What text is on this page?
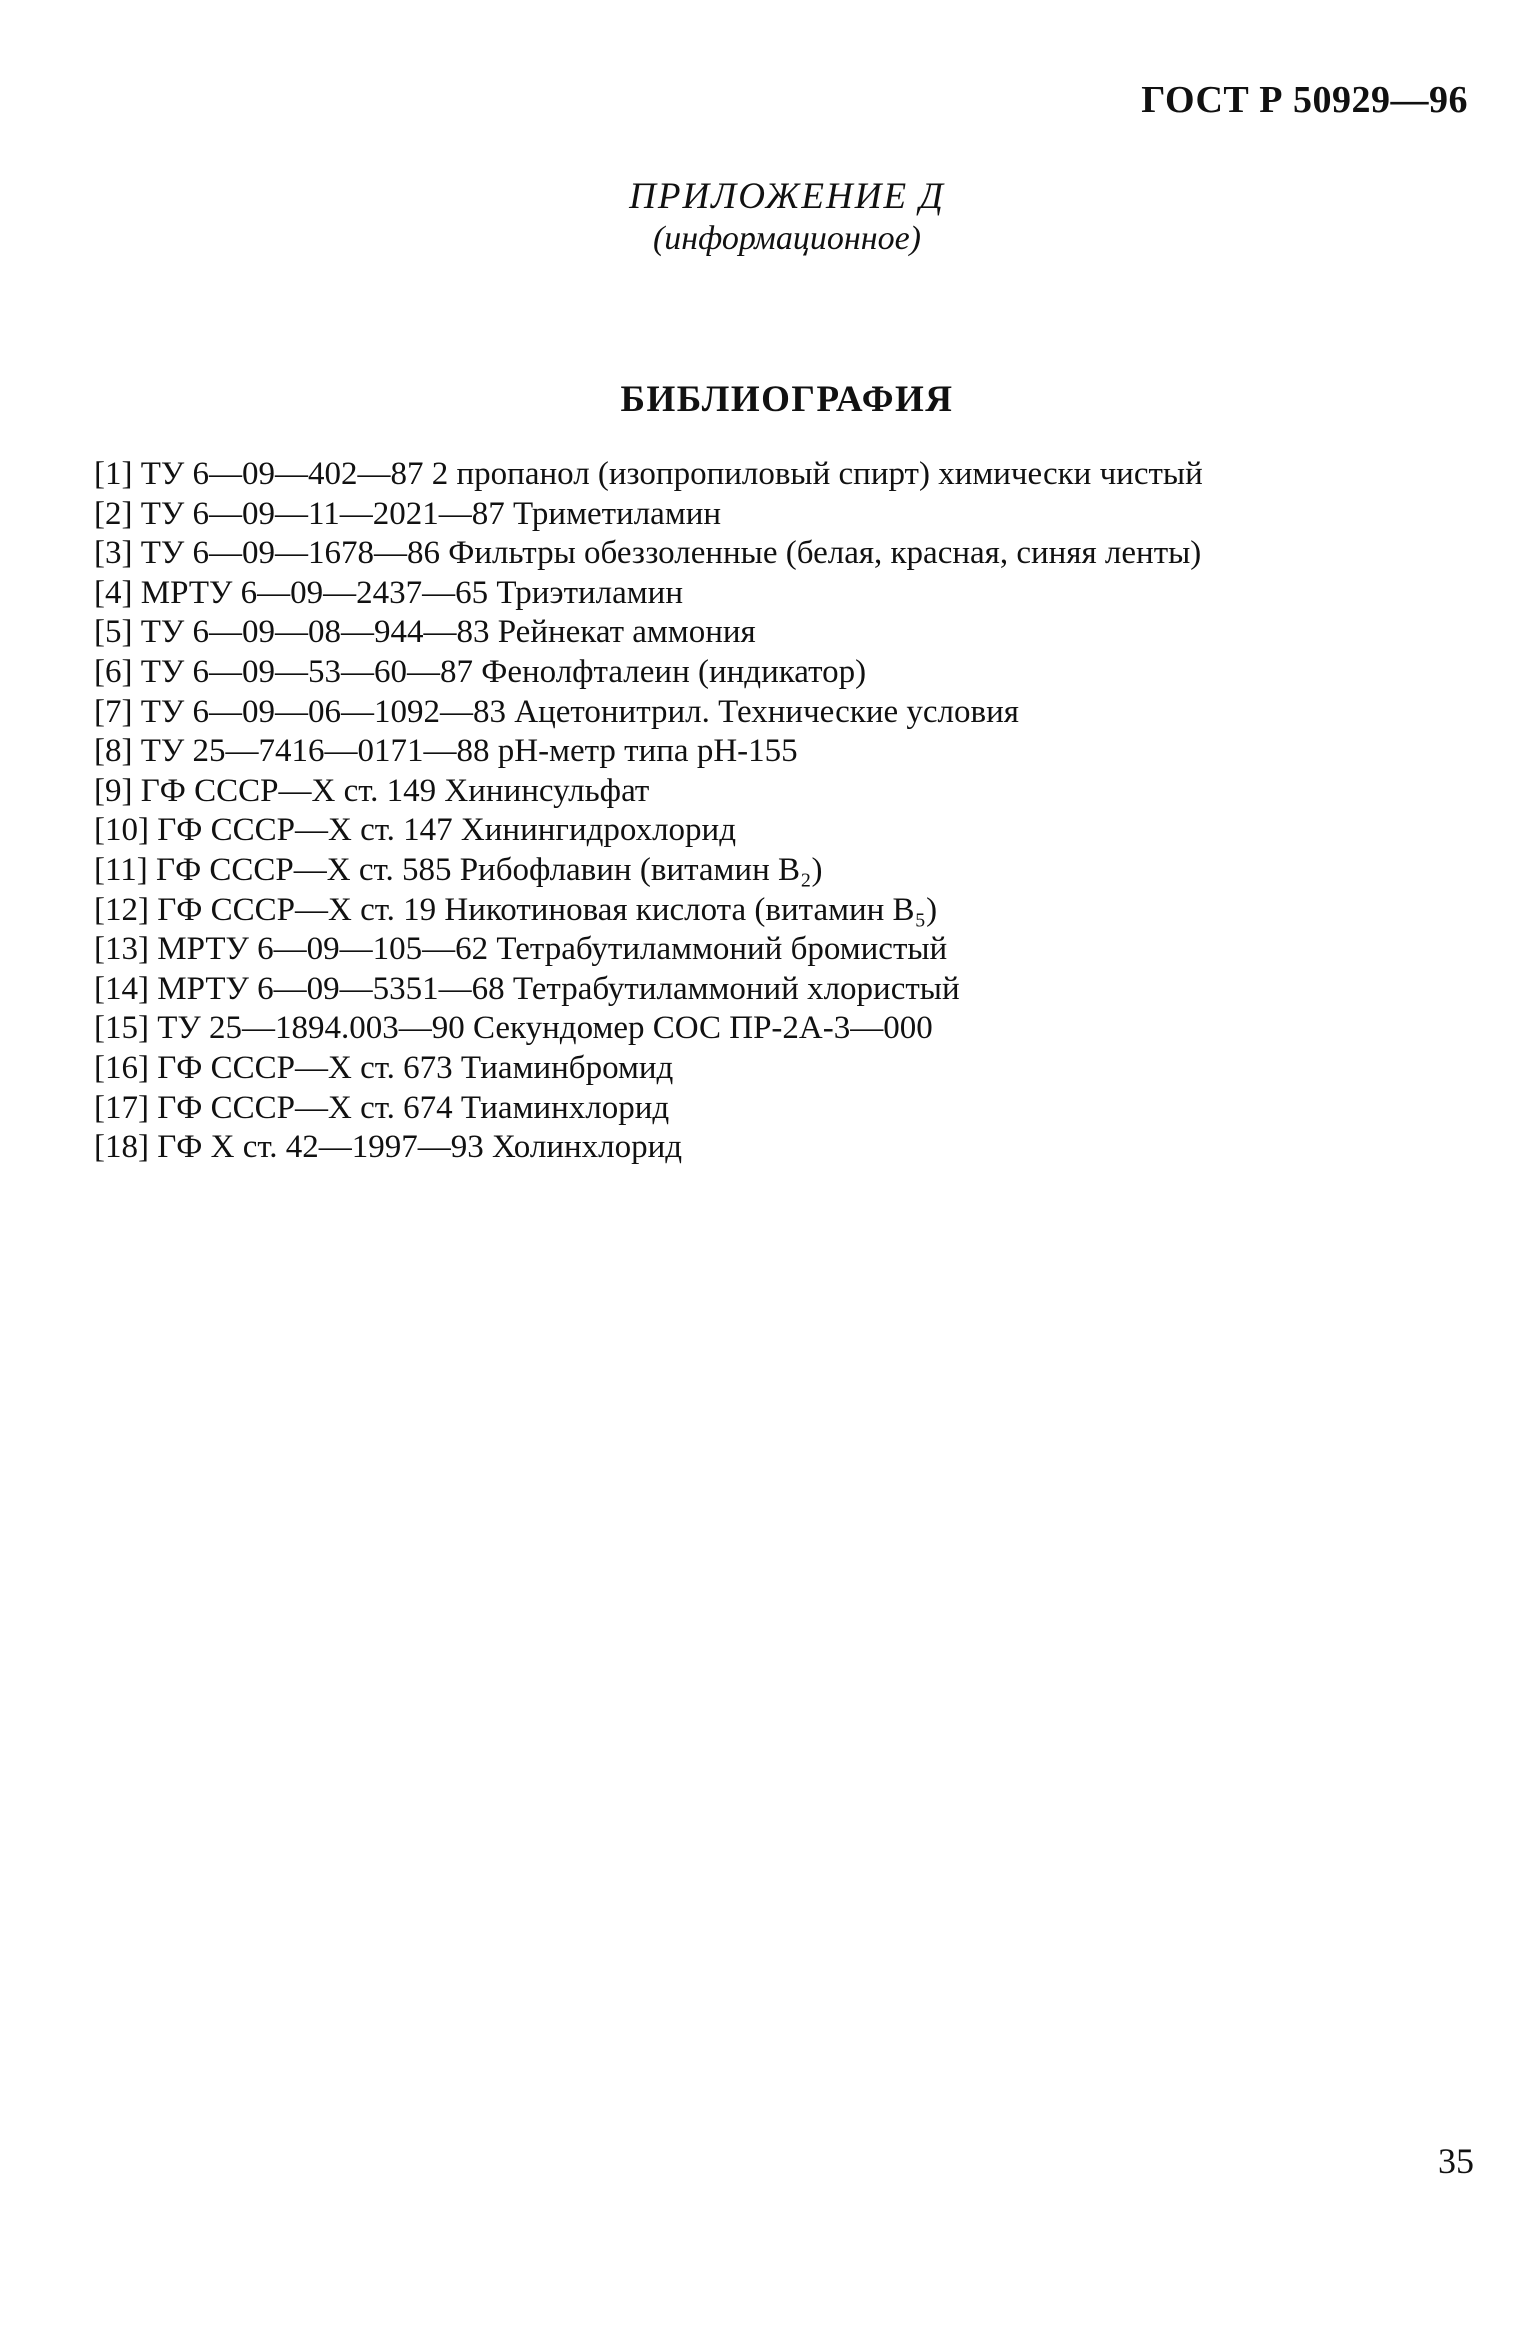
ГОСТ Р 50929—96
ПРИЛОЖЕНИЕ Д
(информационное)
БИБЛИОГРАФИЯ
[1] ТУ 6—09—402—87 2 пропанол (изопропиловый спирт) химически чистый
[2] ТУ 6—09—11—2021—87 Триметиламин
[3] ТУ 6—09—1678—86 Фильтры обеззоленные (белая, красная, синяя ленты)
[4] МРТУ 6—09—2437—65 Триэтиламин
[5] ТУ 6—09—08—944—83 Рейнекат аммония
[6] ТУ 6—09—53—60—87 Фенолфталеин (индикатор)
[7] ТУ 6—09—06—1092—83 Ацетонитрил. Технические условия
[8] ТУ 25—7416—0171—88 pH-метр типа pH-155
[9] ГФ СССР—Х ст. 149 Хининсульфат
[10] ГФ СССР—Х ст. 147 Хинингидрохлорид
[11] ГФ СССР—Х ст. 585 Рибофлавин (витамин В₂)
[12] ГФ СССР—Х ст. 19 Никотиновая кислота (витамин В₅)
[13] МРТУ 6—09—105—62 Тетрабутиламмоний бромистый
[14] МРТУ 6—09—5351—68 Тетрабутиламмоний хлористый
[15] ТУ 25—1894.003—90 Секундомер СОС ПР-2А-3—000
[16] ГФ СССР—Х ст. 673 Тиаминбромид
[17] ГФ СССР—Х ст. 674 Тиаминхлорид
[18] ГФ Х ст. 42—1997—93 Холинхлорид
35
